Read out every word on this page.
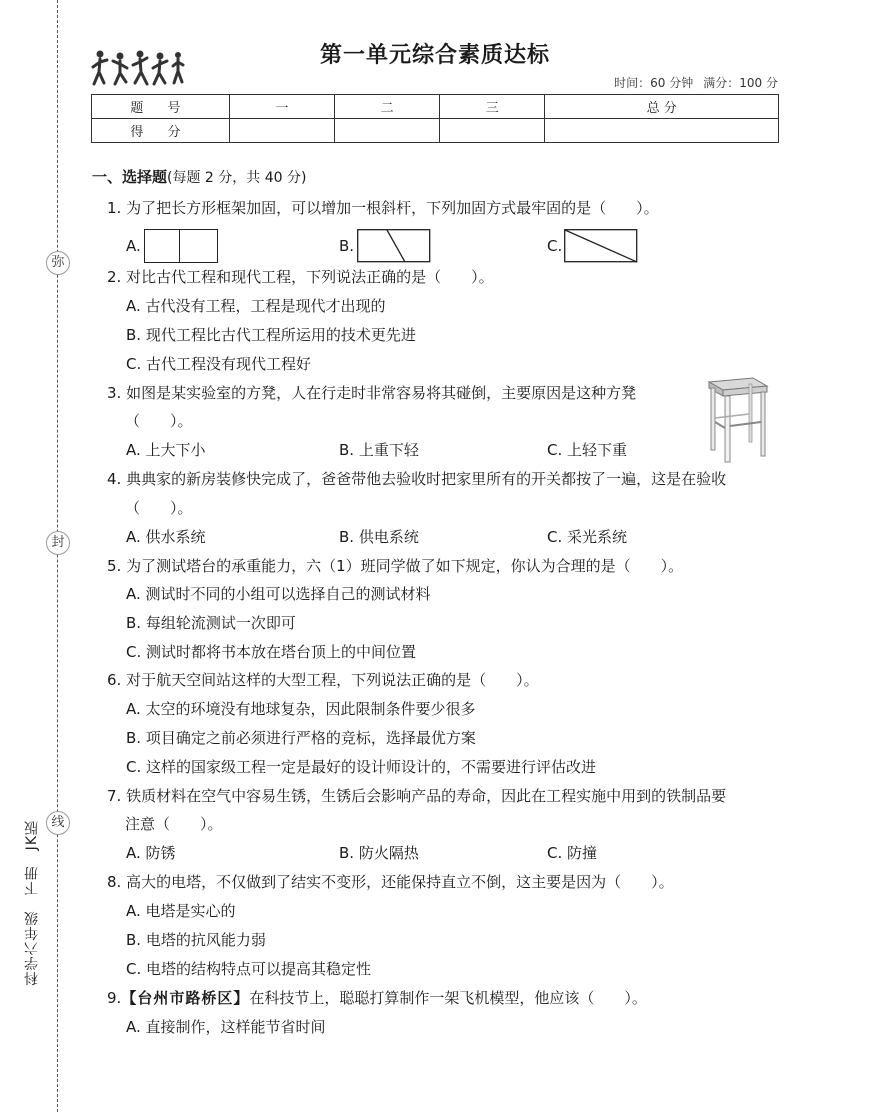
弥
封
线
科学六年级　下册　JK版
第一单元综合素质达标
时间：60 分钟 满分：100 分
题 号	一	二	三	总 分
得 分				
一、选择题(每题 2 分，共 40 分)
1. 为了把长方形框架加固，可以增加一根斜杆，下列加固方式最牢固的是（　　）。
A.	B.	C.
2. 对比古代工程和现代工程，下列说法正确的是（　　）。
A. 古代没有工程，工程是现代才出现的
B. 现代工程比古代工程所运用的技术更先进
C. 古代工程没有现代工程好
3. 如图是某实验室的方凳，人在行走时非常容易将其碰倒，主要原因是这种方凳
（　　）。
A. 上大下小	B. 上重下轻	C. 上轻下重
4. 典典家的新房装修快完成了，爸爸带他去验收时把家里所有的开关都按了一遍，这是在验收
（　　）。
A. 供水系统	B. 供电系统	C. 采光系统
5. 为了测试塔台的承重能力，六（1）班同学做了如下规定，你认为合理的是（　　）。
A. 测试时不同的小组可以选择自己的测试材料
B. 每组轮流测试一次即可
C. 测试时都将书本放在塔台顶上的中间位置
6. 对于航天空间站这样的大型工程，下列说法正确的是（　　）。
A. 太空的环境没有地球复杂，因此限制条件要少很多
B. 项目确定之前必须进行严格的竞标，选择最优方案
C. 这样的国家级工程一定是最好的设计师设计的，不需要进行评估改进
7. 铁质材料在空气中容易生锈，生锈后会影响产品的寿命，因此在工程实施中用到的铁制品要
注意（　　）。
A. 防锈	B. 防火隔热	C. 防撞
8. 高大的电塔，不仅做到了结实不变形，还能保持直立不倒，这主要是因为（　　）。
A. 电塔是实心的
B. 电塔的抗风能力弱
C. 电塔的结构特点可以提高其稳定性
9.【台州市路桥区】在科技节上，聪聪打算制作一架飞机模型，他应该（　　）。
A. 直接制作，这样能节省时间
